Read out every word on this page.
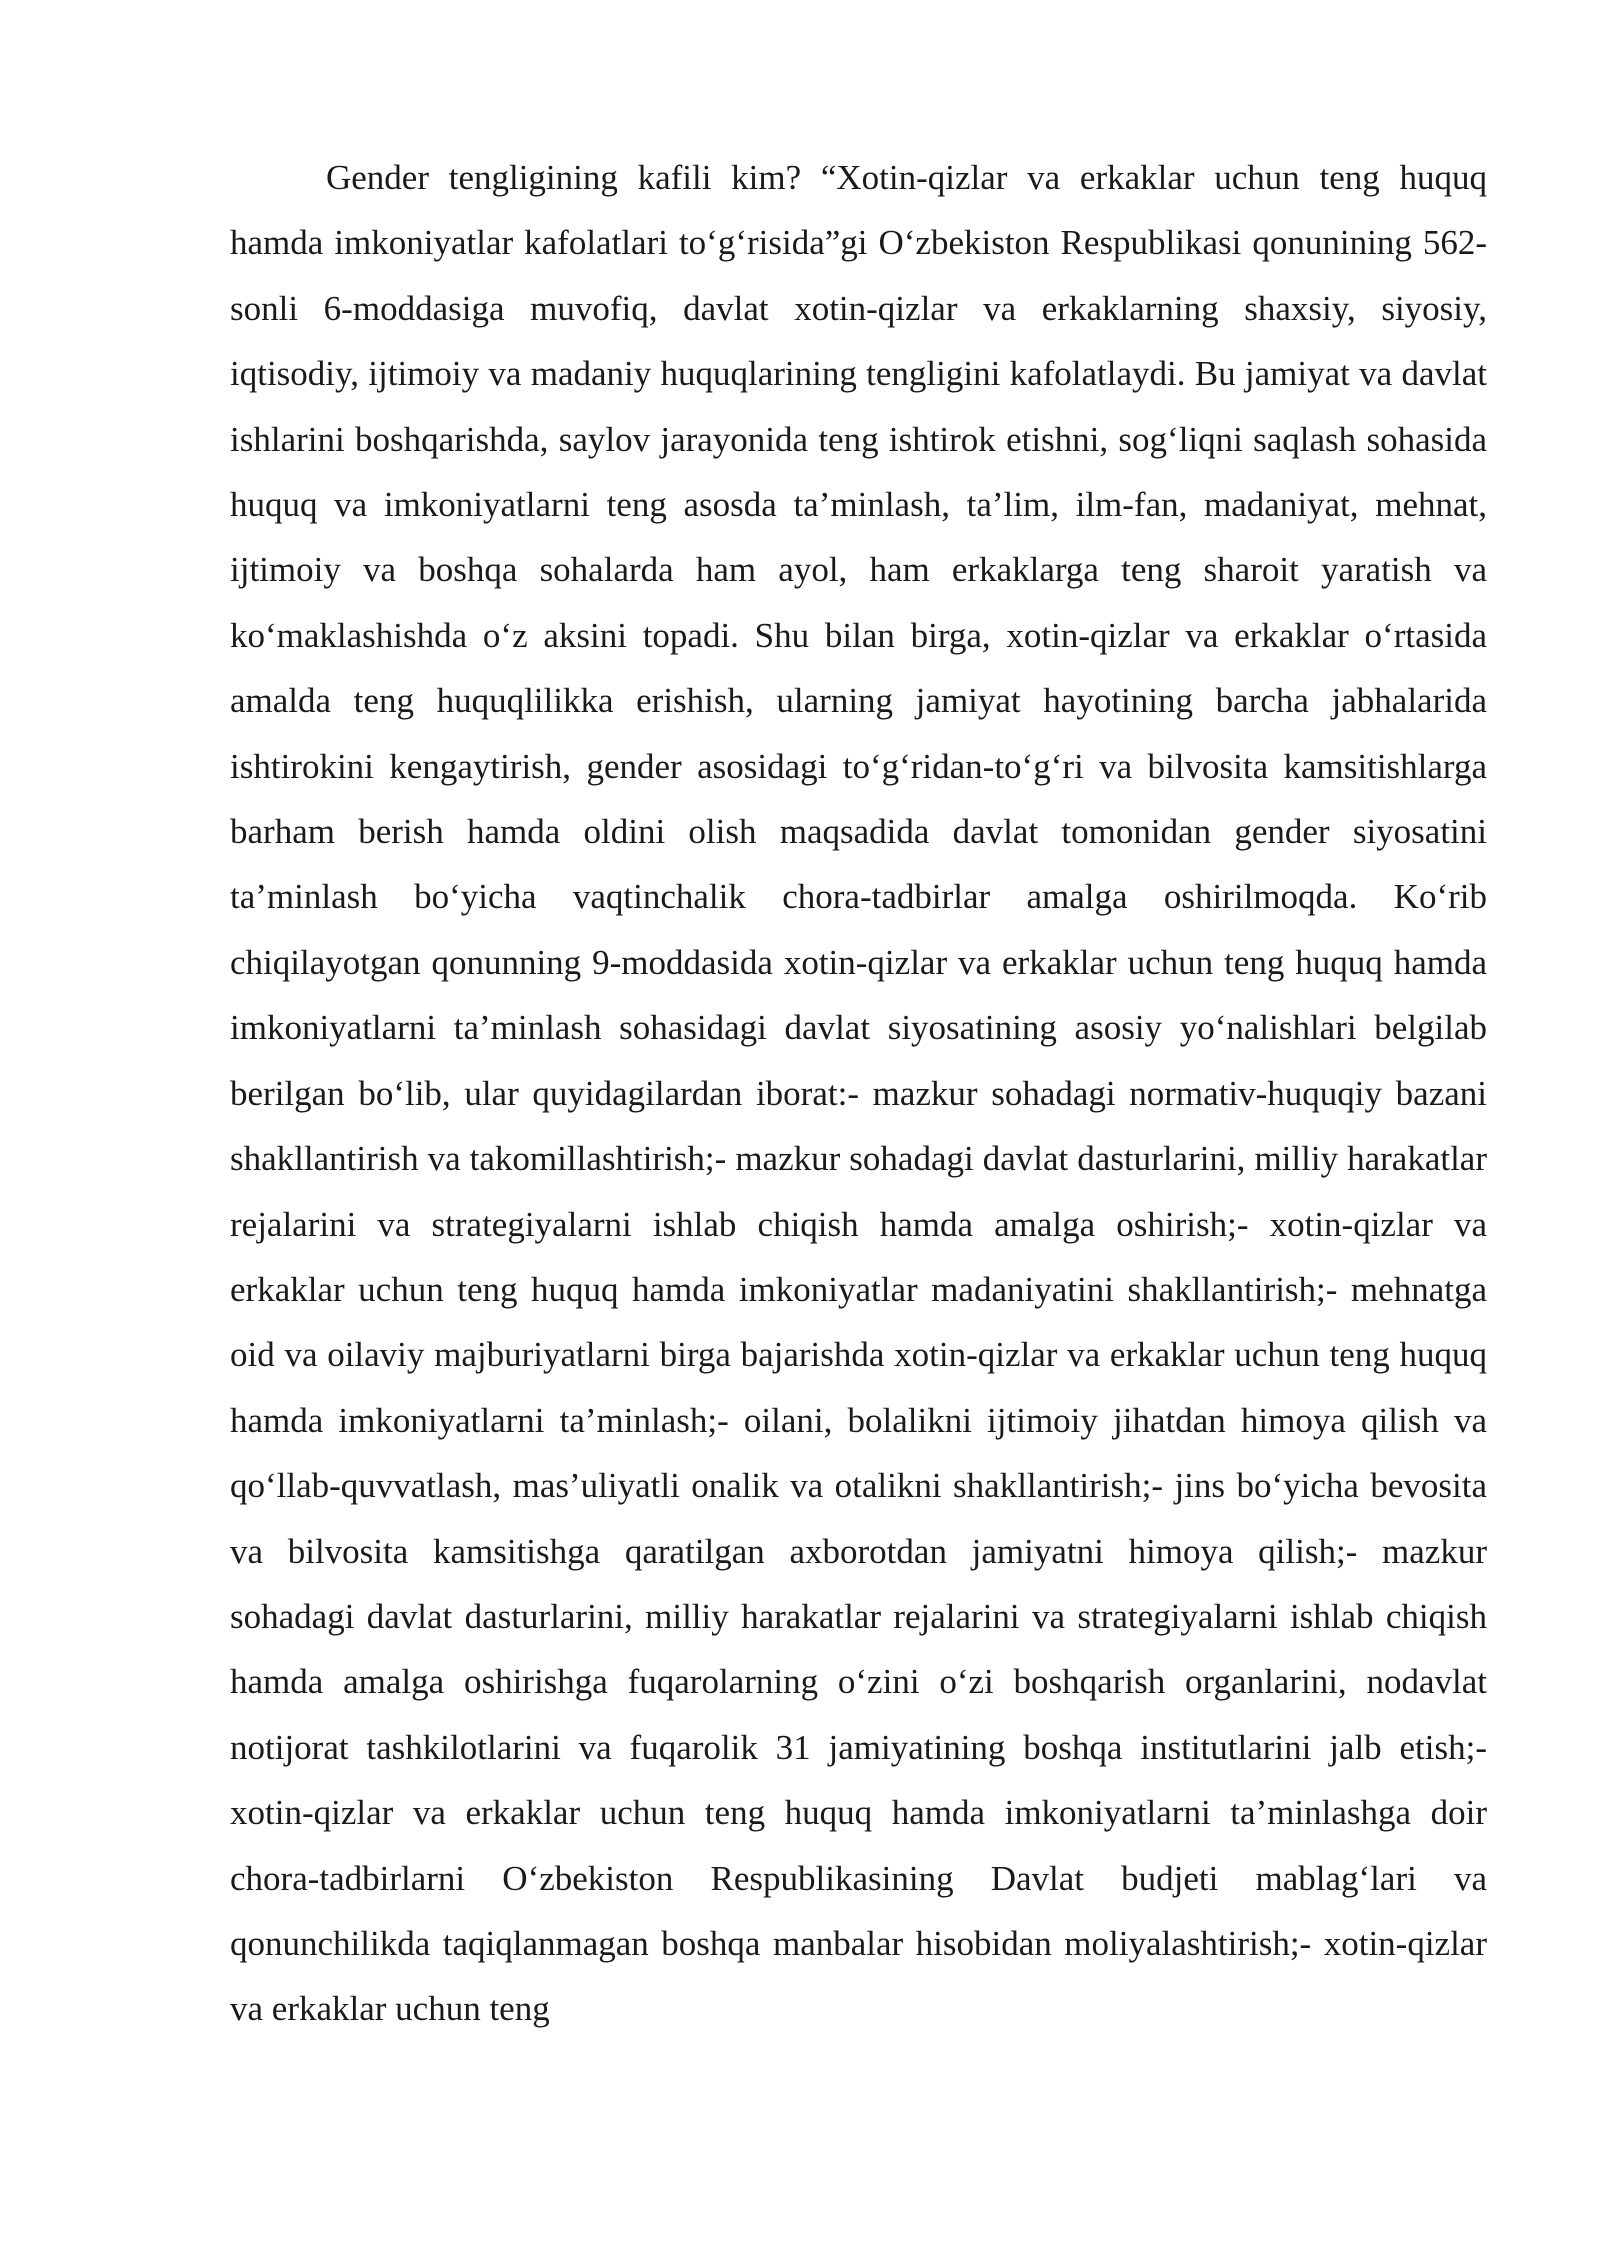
Gender tengligining kafili kim? “Xotin-qizlar va erkaklar uchun teng huquq hamda imkoniyatlar kafolatlari to‘g‘risida”gi O‘zbekiston Respublikasi qonunining 562-sonli 6-moddasiga muvofiq, davlat xotin-qizlar va erkaklarning shaxsiy, siyosiy, iqtisodiy, ijtimoiy va madaniy huquqlarining tengligini kafolatlaydi. Bu jamiyat va davlat ishlarini boshqarishda, saylov jarayonida teng ishtirok etishni, sog‘liqni saqlash sohasida huquq va imkoniyatlarni teng asosda ta’minlash, ta’lim, ilm-fan, madaniyat, mehnat, ijtimoiy va boshqa sohalarda ham ayol, ham erkaklarga teng sharoit yaratish va ko‘maklashishda o‘z aksini topadi. Shu bilan birga, xotin-qizlar va erkaklar o‘rtasida amalda teng huquqlilikka erishish, ularning jamiyat hayotining barcha jabhalarida ishtirokini kengaytirish, gender asosidagi to‘g‘ridan-to‘g‘ri va bilvosita kamsitishlarga barham berish hamda oldini olish maqsadida davlat tomonidan gender siyosatini ta’minlash bo‘yicha vaqtinchalik chora-tadbirlar amalga oshirilmoqda. Ko‘rib chiqilayotgan qonunning 9-moddasida xotin-qizlar va erkaklar uchun teng huquq hamda imkoniyatlarni ta’minlash sohasidagi davlat siyosatining asosiy yo‘nalishlari belgilab berilgan bo‘lib, ular quyidagilardan iborat:- mazkur sohadagi normativ-huquqiy bazani shakllantirish va takomillashtirish;- mazkur sohadagi davlat dasturlarini, milliy harakatlar rejalarini va strategiyalarni ishlab chiqish hamda amalga oshirish;- xotin-qizlar va erkaklar uchun teng huquq hamda imkoniyatlar madaniyatini shakllantirish;- mehnatga oid va oilaviy majburiyatlarni birga bajarishda xotin-qizlar va erkaklar uchun teng huquq hamda imkoniyatlarni ta’minlash;- oilani, bolalikni ijtimoiy jihatdan himoya qilish va qo‘llab-quvvatlash, mas’uliyatli onalik va otalikni shakllantirish;- jins bo‘yicha bevosita va bilvosita kamsitishga qaratilgan axborotdan jamiyatni himoya qilish;- mazkur sohadagi davlat dasturlarini, milliy harakatlar rejalarini va strategiyalarni ishlab chiqish hamda amalga oshirishga fuqarolarning o‘zini o‘zi boshqarish organlarini, nodavlat notijorat tashkilotlarini va fuqarolik 31 jamiyatining boshqa institutlarini jalb etish;- xotin-qizlar va erkaklar uchun teng huquq hamda imkoniyatlarni ta’minlashga doir chora-tadbirlarni O‘zbekiston Respublikasining Davlat budjeti mablag‘lari va qonunchilikda taqiqlanmagan boshqa manbalar hisobidan moliyalashtirish;- xotin-qizlar va erkaklar uchun teng
